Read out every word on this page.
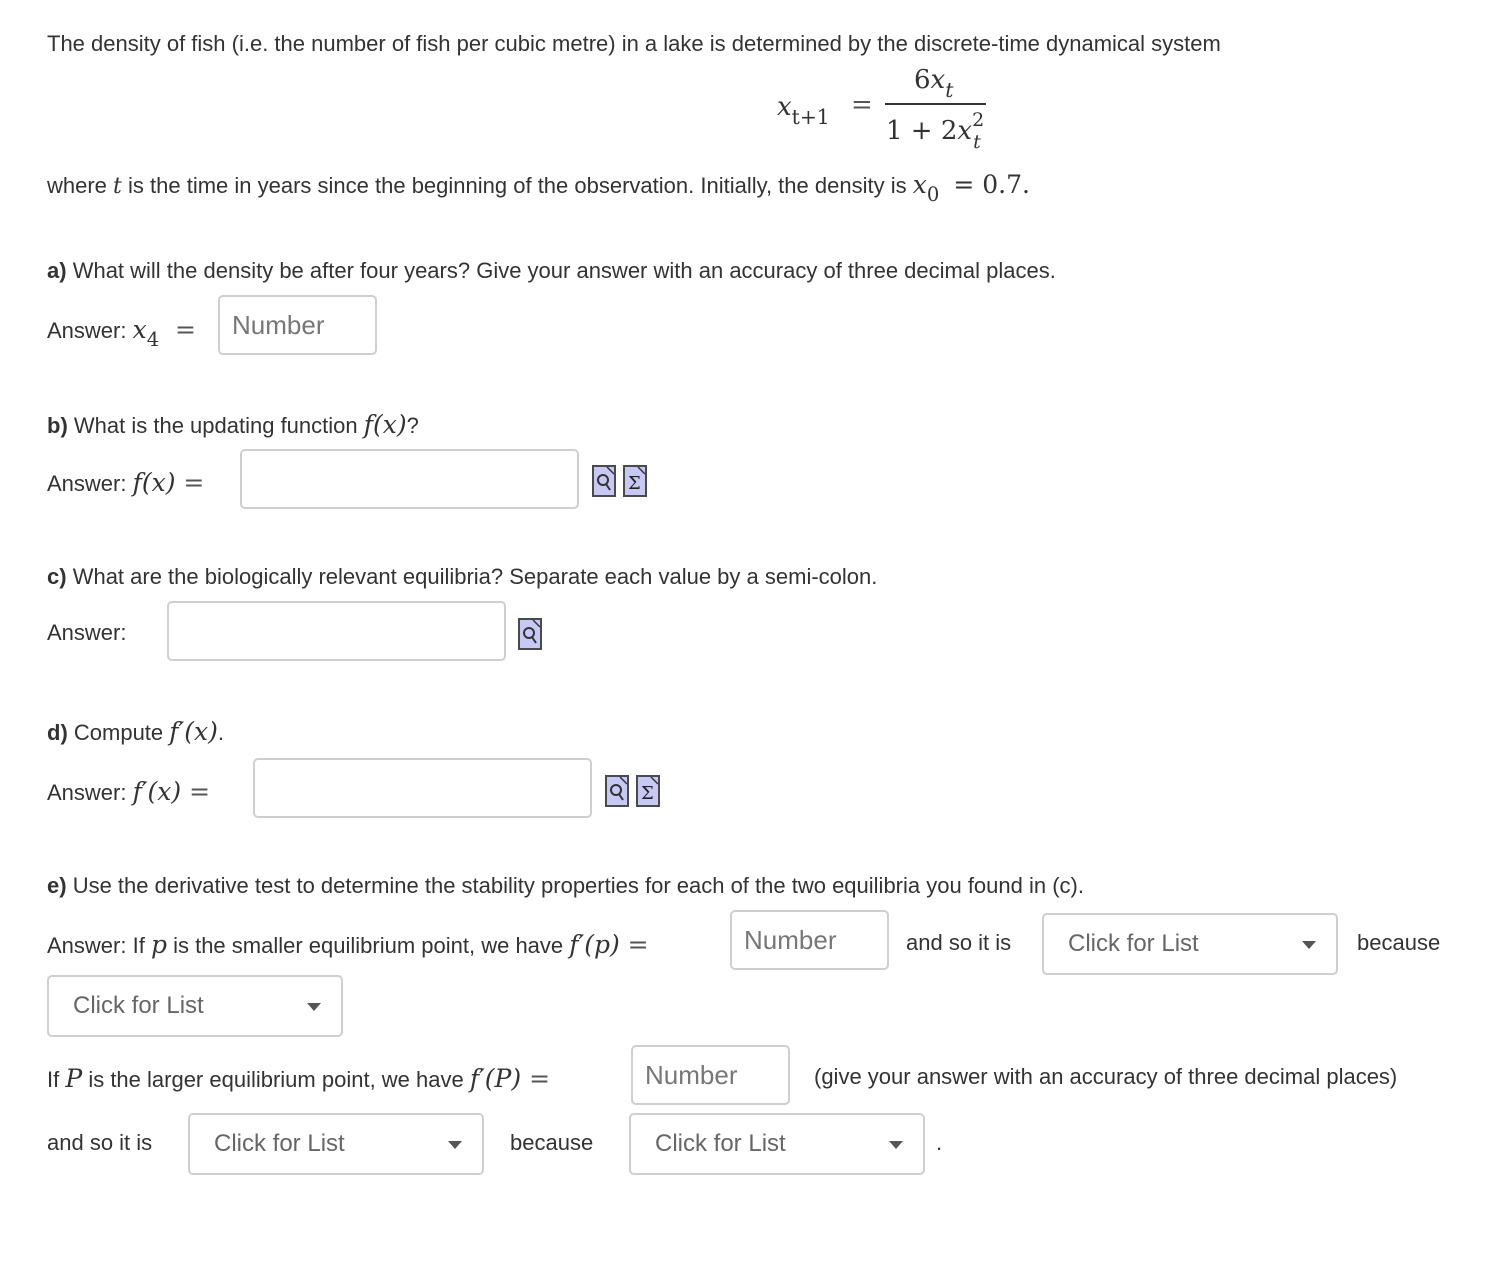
The density of fish (i.e. the number of fish per cubic metre) in a lake is determined by the discrete-time dynamical system
$x_{t+1}$ =
$6x_t$
1 + 2x 2
t
where t is the time in years since the beginning of the observation. Initially, the density is $x_0 = 0.7$.
a) What will the density be after four years? Give your answer with an accuracy of three decimal places.
Answer: $x_4$  =
Number
b) What is the updating function f(x)?
Answer: f(x) =	Σ
c) What are the biologically relevant equilibria? Separate each value by a semi-colon.
Answer:
d) Compute f′(x).
Answer: f′(x) =	Σ
e) Use the derivative test to determine the stability properties for each of the two equilibria you found in (c).
Answer: If p is the smaller equilibrium point, we have f′(p) =
Number	and so it is Click for List	because
Click for List
If P is the larger equilibrium point, we have f′(P) =
Number	(give your answer with an accuracy of three decimal places)
and so it is	Click for List	because	Click for List	.
